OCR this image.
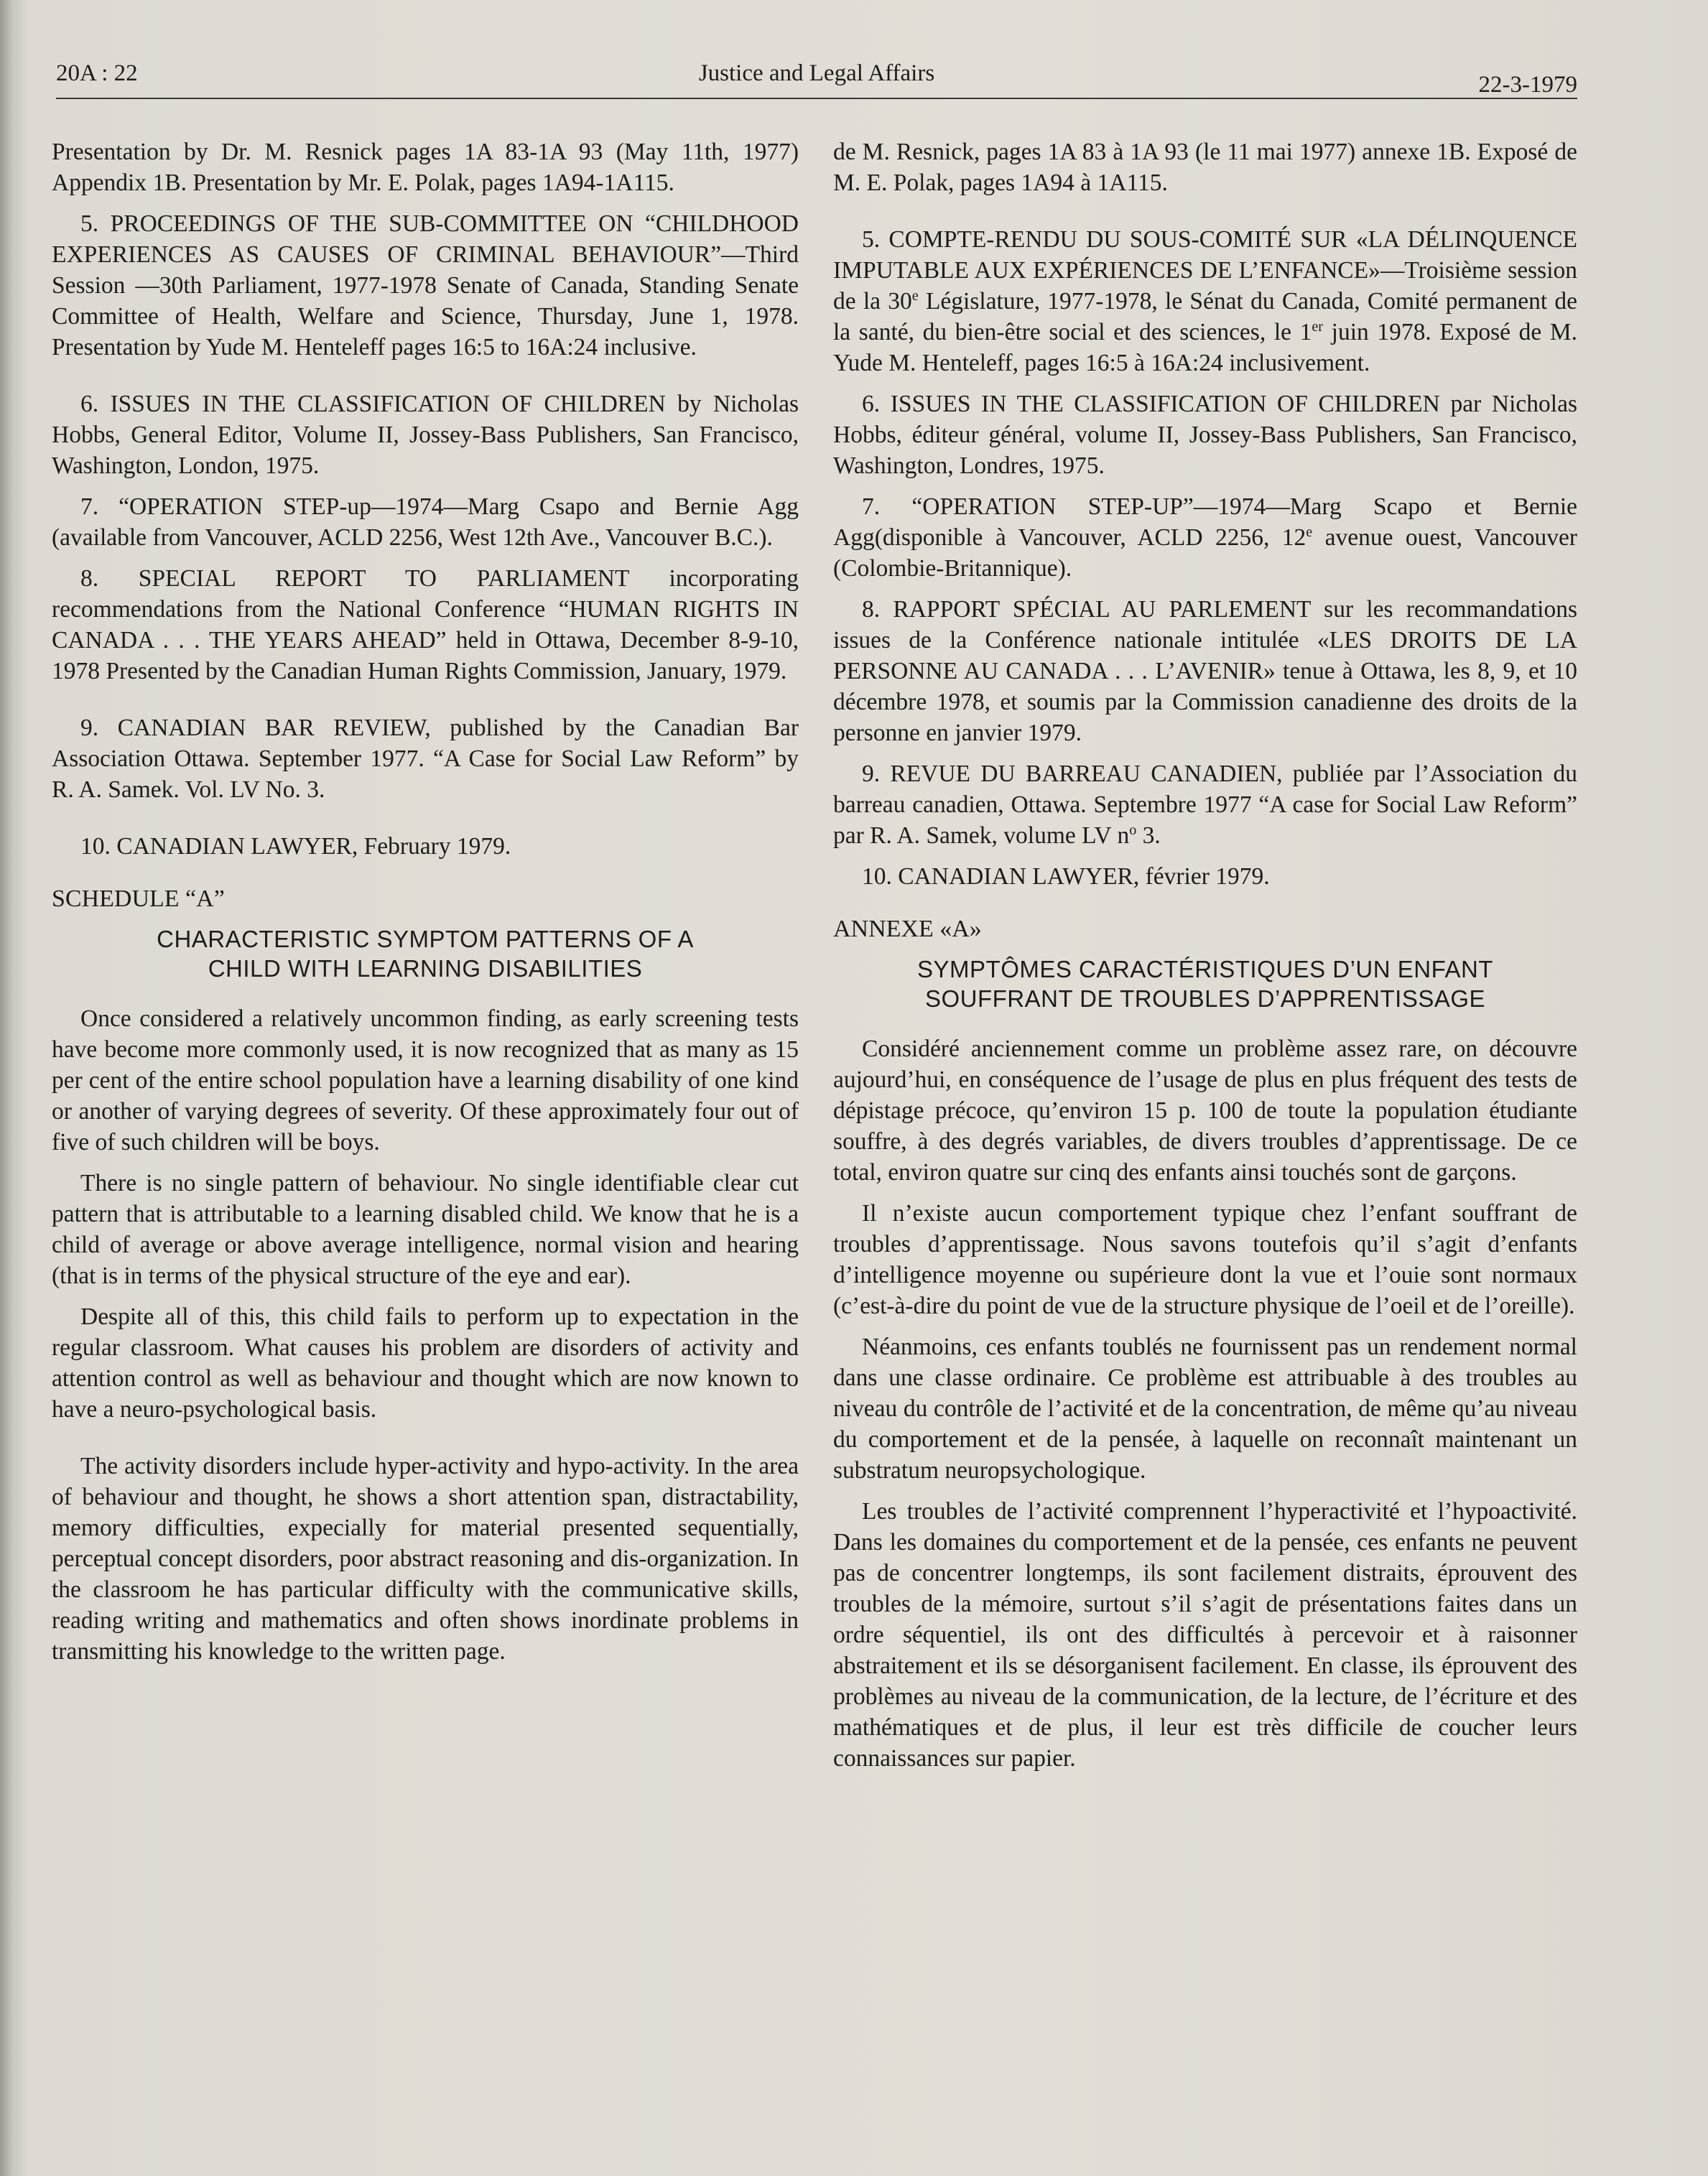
20A : 22	Justice and Legal Affairs	22-3-1979

Presentation by Dr. M. Resnick pages 1A 83-1A 93 (May 11th, 1977) Appendix 1B. Presentation by Mr. E. Polak, pages 1A94-1A115.

5. PROCEEDINGS OF THE SUB-COMMITTEE ON “CHILDHOOD EXPERIENCES AS CAUSES OF CRIMINAL BEHAVIOUR”—Third Session —30th Parliament, 1977-1978 Senate of Canada, Standing Senate Committee of Health, Welfare and Science, Thursday, June 1, 1978. Presentation by Yude M. Henteleff pages 16:5 to 16A:24 inclusive.

6. ISSUES IN THE CLASSIFICATION OF CHILDREN by Nicholas Hobbs, General Editor, Volume II, Jossey-Bass Publishers, San Francisco, Washington, London, 1975.

7. “OPERATION STEP-up—1974—Marg Csapo and Bernie Agg (available from Vancouver, ACLD 2256, West 12th Ave., Vancouver B.C.).

8. SPECIAL REPORT TO PARLIAMENT incorporating recommendations from the National Conference “HUMAN RIGHTS IN CANADA . . . THE YEARS AHEAD” held in Ottawa, December 8-9-10, 1978 Presented by the Canadian Human Rights Commission, January, 1979.

9. CANADIAN BAR REVIEW, published by the Canadian Bar Association Ottawa. September 1977. “A Case for Social Law Reform” by R. A. Samek. Vol. LV No. 3.

10. CANADIAN LAWYER, February 1979.

SCHEDULE “A”
CHARACTERISTIC SYMPTOM PATTERNS OF A
CHILD WITH LEARNING DISABILITIES

Once considered a relatively uncommon finding, as early screening tests have become more commonly used, it is now recognized that as many as 15 per cent of the entire school population have a learning disability of one kind or another of varying degrees of severity. Of these approximately four out of five of such children will be boys.

There is no single pattern of behaviour. No single identifiable clear cut pattern that is attributable to a learning disabled child. We know that he is a child of average or above average intelligence, normal vision and hearing (that is in terms of the physical structure of the eye and ear).

Despite all of this, this child fails to perform up to expectation in the regular classroom. What causes his problem are disorders of activity and attention control as well as behaviour and thought which are now known to have a neuro-psychological basis.

The activity disorders include hyper-activity and hypo-activity. In the area of behaviour and thought, he shows a short attention span, distractability, memory difficulties, expecially for material presented sequentially, perceptual concept disorders, poor abstract reasoning and dis-organization. In the classroom he has particular difficulty with the communicative skills, reading writing and mathematics and often shows inordinate problems in transmitting his knowledge to the written page.

de M. Resnick, pages 1A 83 à 1A 93 (le 11 mai 1977) annexe 1B. Exposé de M. E. Polak, pages 1A94 à 1A115.

5. COMPTE-RENDU DU SOUS-COMITÉ SUR «LA DÉLINQUENCE IMPUTABLE AUX EXPÉRIENCES DE L’ENFANCE»—Troisième session de la 30e Législature, 1977-1978, le Sénat du Canada, Comité permanent de la santé, du bien-être social et des sciences, le 1er juin 1978. Exposé de M. Yude M. Henteleff, pages 16:5 à 16A:24 inclusivement.

6. ISSUES IN THE CLASSIFICATION OF CHILDREN par Nicholas Hobbs, éditeur général, volume II, Jossey-Bass Publishers, San Francisco, Washington, Londres, 1975.

7. “OPERATION STEP-UP”—1974—Marg Scapo et Bernie Agg(disponible à Vancouver, ACLD 2256, 12e avenue ouest, Vancouver (Colombie-Britannique).

8. RAPPORT SPÉCIAL AU PARLEMENT sur les recommandations issues de la Conférence nationale intitulée «LES DROITS DE LA PERSONNE AU CANADA . . . L’AVENIR» tenue à Ottawa, les 8, 9, et 10 décembre 1978, et soumis par la Commission canadienne des droits de la personne en janvier 1979.

9. REVUE DU BARREAU CANADIEN, publiée par l’Association du barreau canadien, Ottawa. Septembre 1977 “A case for Social Law Reform” par R. A. Samek, volume LV $n^o$ 3.

10. CANADIAN LAWYER, février 1979.

ANNEXE «A»
SYMPTÔMES CARACTÉRISTIQUES D’UN ENFANT
SOUFFRANT DE TROUBLES D’APPRENTISSAGE

Considéré anciennement comme un problème assez rare, on découvre aujourd’hui, en conséquence de l’usage de plus en plus fréquent des tests de dépistage précoce, qu’environ 15 p. 100 de toute la population étudiante souffre, à des degrés variables, de divers troubles d’apprentissage. De ce total, environ quatre sur cinq des enfants ainsi touchés sont de garçons.

Il n’existe aucun comportement typique chez l’enfant souffrant de troubles d’apprentissage. Nous savons toutefois qu’il s’agit d’enfants d’intelligence moyenne ou supérieure dont la vue et l’ouie sont normaux (c’est-à-dire du point de vue de la structure physique de l’oeil et de l’oreille).

Néanmoins, ces enfants toublés ne fournissent pas un rendement normal dans une classe ordinaire. Ce problème est attribuable à des troubles au niveau du contrôle de l’activité et de la concentration, de même qu’au niveau du comportement et de la pensée, à laquelle on reconnaît maintenant un substratum neuropsychologique.

Les troubles de l’activité comprennent l’hyperactivité et l’hypoactivité. Dans les domaines du comportement et de la pensée, ces enfants ne peuvent pas de concentrer longtemps, ils sont facilement distraits, éprouvent des troubles de la mémoire, surtout s’il s’agit de présentations faites dans un ordre séquentiel, ils ont des difficultés à percevoir et à raisonner abstraitement et ils se désorganisent facilement. En classe, ils éprouvent des problèmes au niveau de la communication, de la lecture, de l’écriture et des mathématiques et de plus, il leur est très difficile de coucher leurs connaissances sur papier.
